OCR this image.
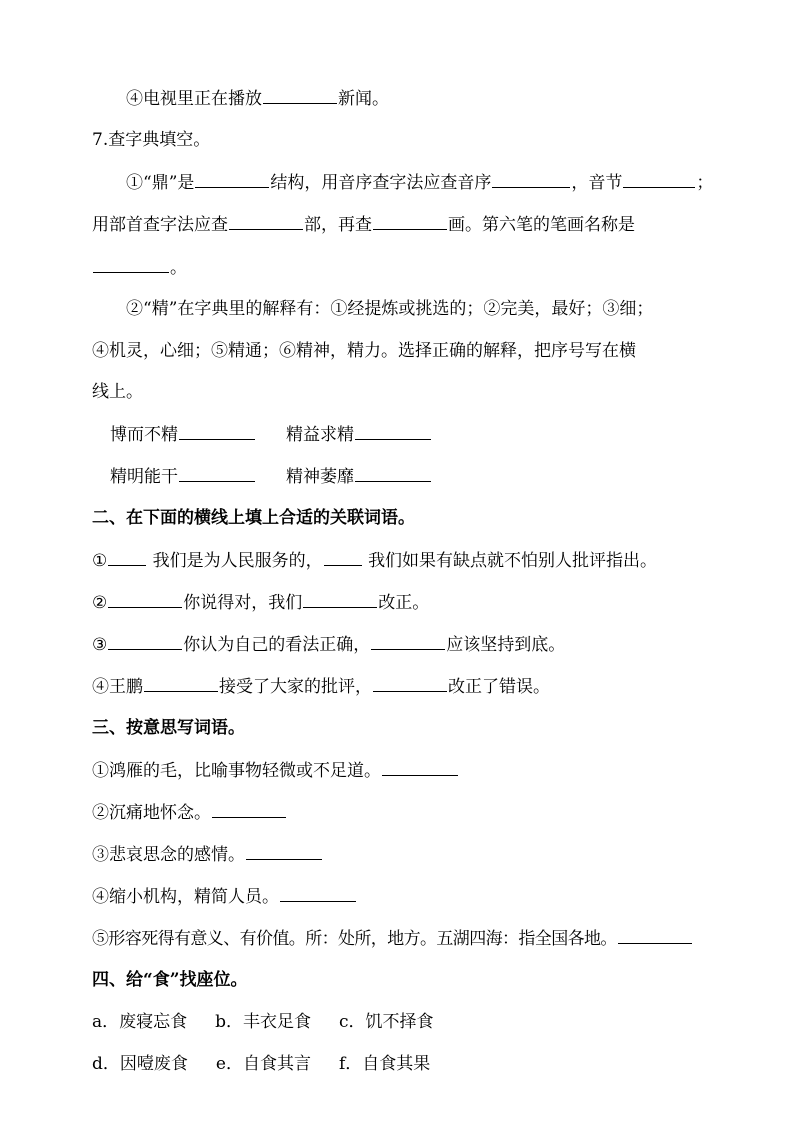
④电视里正在播放	新闻。
7.查字典填空。
①“鼎”是	结构，用音序查字法应查音序	，音节	；
用部首查字法应查	部，再查	画。第六笔的笔画名称是
。
②“精”在字典里的解释有：①经提炼或挑选的；②完美，最好；③细；
④机灵，心细；⑤精通；⑥精神，精力。选择正确的解释，把序号写在横
线上。
博而不精	精益求精
精明能干	精神萎靡
二、在下面的横线上填上合适的关联词语。
①	我们是为人民服务的，	我们如果有缺点就不怕别人批评指出。
②	你说得对，我们	改正。
③	你认为自己的看法正确，	应该坚持到底。
④王鹏	接受了大家的批评，	改正了错误。
三、按意思写词语。
①鸿雁的毛，比喻事物轻微或不足道。
②沉痛地怀念。
③悲哀思念的感情。
④缩小机构，精简人员。
⑤形容死得有意义、有价值。所：处所，地方。五湖四海：指全国各地。
四、给“食”找座位。
a．废寝忘食 b．丰衣足食 c．饥不择食
d．因噎废食 e．自食其言 f．自食其果
